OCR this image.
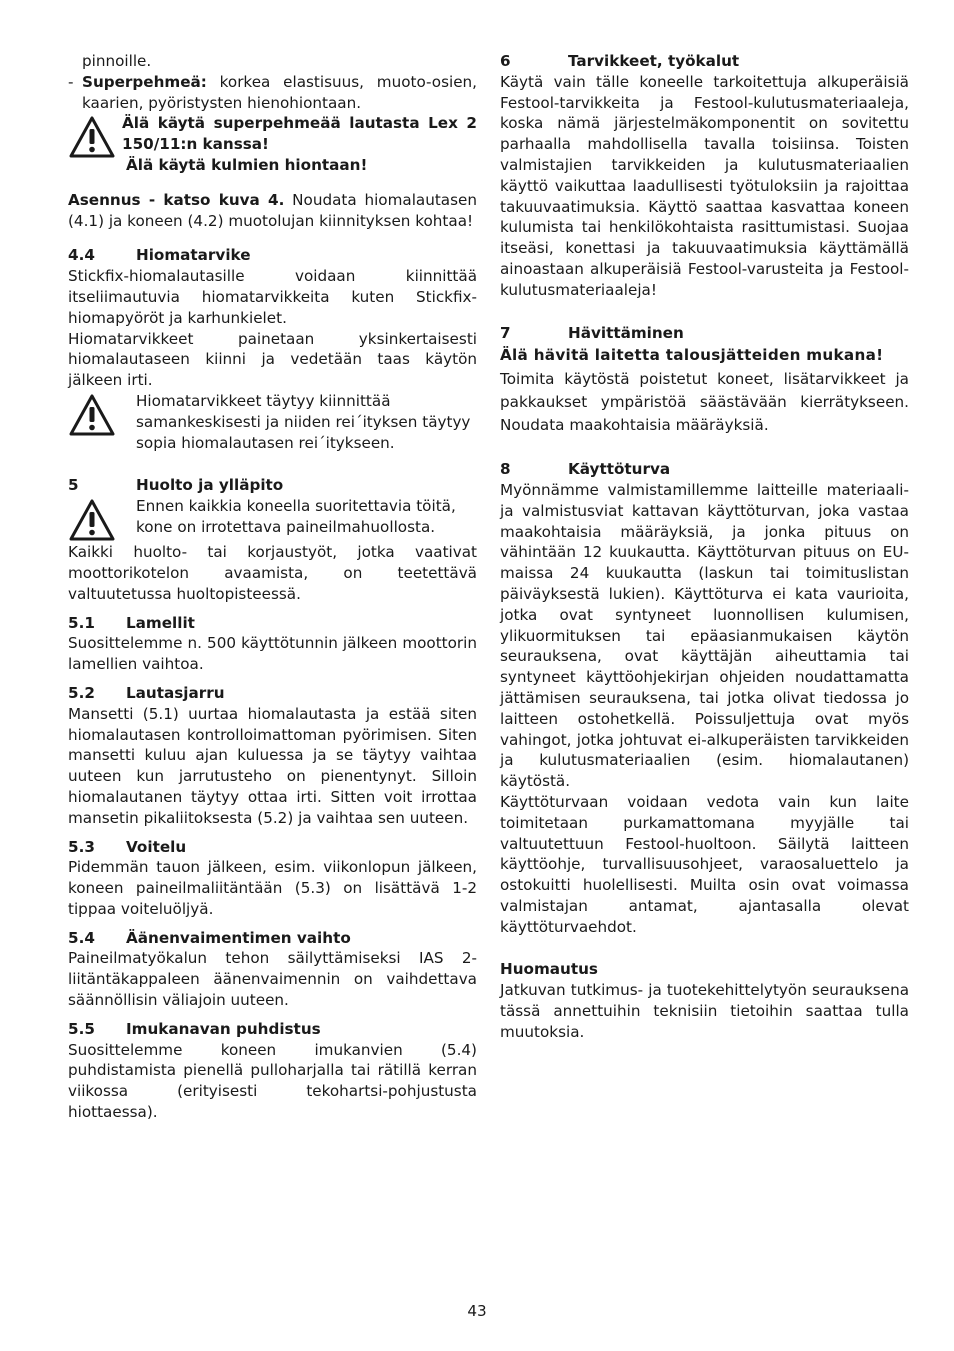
pinnoille.

- Superpehmeä: korkea elastisuus, muoto-osien, kaarien, pyöristysten hienohiontaan.

Älä käytä superpehmeää lautasta Lex 2 150/11:n kanssa!

Älä käytä kulmien hiontaan!

Asennus - katso kuva 4. Noudata hiomalautasen (4.1) ja koneen (4.2) muotolujan kiinnityksen kohtaa!

4.4	Hiomatarvike

Stickfix-hiomalautasille voidaan kiinnittää itseliimautuvia hiomatarvikkeita kuten Stickfix-hiomapyöröt ja karhunkielet.

Hiomatarvikkeet painetaan yksinkertaisesti hiomalautaseen kiinni ja vedetään taas käytön jälkeen irti.

Hiomatarvikkeet täytyy kiinnittää samankeskisesti ja niiden rei´ityksen täytyy sopia hiomalautasen rei´itykseen.

5	Huolto ja ylläpito

Ennen kaikkia koneella suoritettavia töitä, kone on irrotettava paineilmahuollosta.

Kaikki huolto- tai korjaustyöt, jotka vaativat moottorikotelon avaamista, on teetettävä valtuutetussa huoltopisteessä.

5.1	Lamellit

Suosittelemme n. 500 käyttötunnin jälkeen moottorin lamellien vaihtoa.

5.2	Lautasjarru

Mansetti (5.1) uurtaa hiomalautasta ja estää siten hiomalautasen kontrolloimattoman pyörimisen. Siten mansetti kuluu ajan kuluessa ja se täytyy vaihtaa uuteen kun jarrutusteho on pienentynyt. Silloin hiomalautanen täytyy ottaa irti. Sitten voit irrottaa mansetin pikaliitoksesta (5.2) ja vaihtaa sen uuteen.

5.3	Voitelu

Pidemmän tauon jälkeen, esim. viikonlopun jälkeen, koneen paineilmaliitäntään (5.3) on lisättävä 1-2 tippaa voiteluöljyä.

5.4	Äänenvaimentimen vaihto

Paineilmatyökalun tehon säilyttämiseksi IAS 2-liitäntäkappaleen äänenvaimennin on vaihdettava säännöllisin väliajoin uuteen.

5.5	Imukanavan puhdistus

Suosittelemme koneen imukanvien (5.4) puhdistamista pienellä pulloharjalla tai rätillä kerran viikossa (erityisesti tekohartsi-pohjustusta hiottaessa).

6	Tarvikkeet, työkalut

Käytä vain tälle koneelle tarkoitettuja alkuperäisiä Festool-tarvikkeita ja Festool-kulutusmateriaaleja, koska nämä järjestelmäkomponentit on sovitettu parhaalla mahdollisella tavalla toisiinsa. Toisten valmistajien tarvikkeiden ja kulutusmateriaalien käyttö vaikuttaa laadullisesti työtuloksiin ja rajoittaa takuuvaatimuksia. Käyttö saattaa kasvattaa koneen kulumista tai henkilökohtaista rasittumistasi. Suojaa itseäsi, konettasi ja takuuvaatimuksia käyttämällä ainoastaan alkuperäisiä Festool-varusteita ja Festool-kulutusmateriaaleja!

7	Hävittäminen

Älä hävitä laitetta talousjätteiden mukana!

Toimita käytöstä poistetut koneet, lisätarvikkeet ja pakkaukset ympäristöä säästävään kierrätykseen. Noudata maakohtaisia määräyksiä.

8	Käyttöturva

Myönnämme valmistamillemme laitteille materiaali- ja valmistusviat kattavan käyttöturvan, joka vastaa maakohtaisia määräyksiä, ja jonka pituus on vähintään 12 kuukautta. Käyttöturvan pituus on EU-maissa 24 kuukautta (laskun tai toimituslistan päiväyksestä lukien). Käyttöturva ei kata vaurioita, jotka ovat syntyneet luonnollisen kulumisen, ylikuormituksen tai epäasianmukaisen käytön seurauksena, ovat käyttäjän aiheuttamia tai syntyneet käyttöohjekirjan ohjeiden noudattamatta jättämisen seurauksena, tai jotka olivat tiedossa jo laitteen ostohetkellä. Poissuljettuja ovat myös vahingot, jotka johtuvat ei-alkuperäisten tarvikkeiden ja kulutusmateriaalien (esim. hiomalautanen) käytöstä.

Käyttöturvaan voidaan vedota vain kun laite toimitetaan purkamattomana myyjälle tai valtuutettuun Festool-huoltoon. Säilytä laitteen käyttöohje, turvallisuusohjeet, varaosaluettelo ja ostokuitti huolellisesti. Muilta osin ovat voimassa valmistajan antamat, ajantasalla olevat käyttöturvaehdot.

Huomautus

Jatkuvan tutkimus- ja tuotekehittelytyön seurauksena tässä annettuihin teknisiin tietoihin saattaa tulla muutoksia.

43
